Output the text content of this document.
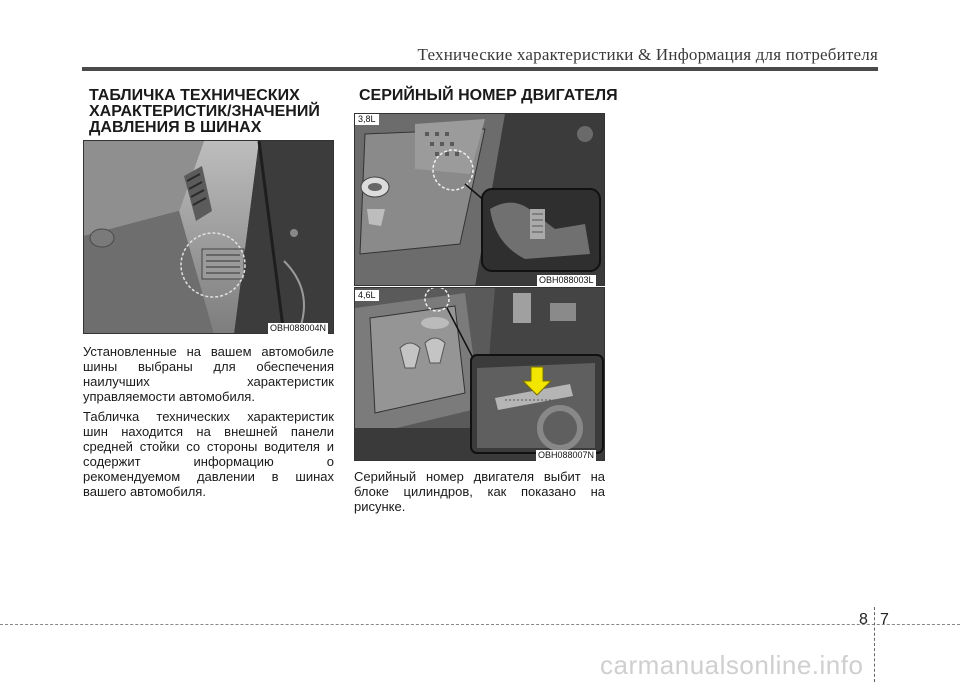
Технические характеристики & Информация для потребителя
ТАБЛИЧКА ТЕХНИЧЕСКИХ
ХАРАКТЕРИСТИК/ЗНАЧЕНИЙ
ДАВЛЕНИЯ В ШИНАХ
OBH088004N

Установленные на вашем автомобиле шины выбраны для обеспечения наилучших характеристик управляемости автомобиля.

Табличка технических характеристик шин находится на внешней панели средней стойки со стороны водителя и содержит информацию о рекомендуемом давлении в шинах вашего автомобиля.

СЕРИЙНЫЙ НОМЕР ДВИГАТЕЛЯ
3,8L
OBH088003L
4,6L
OBH088007N

Серийный номер двигателя выбит на блоке цилиндров, как показано на рисунке.

8 7
carmanualsonline.info
